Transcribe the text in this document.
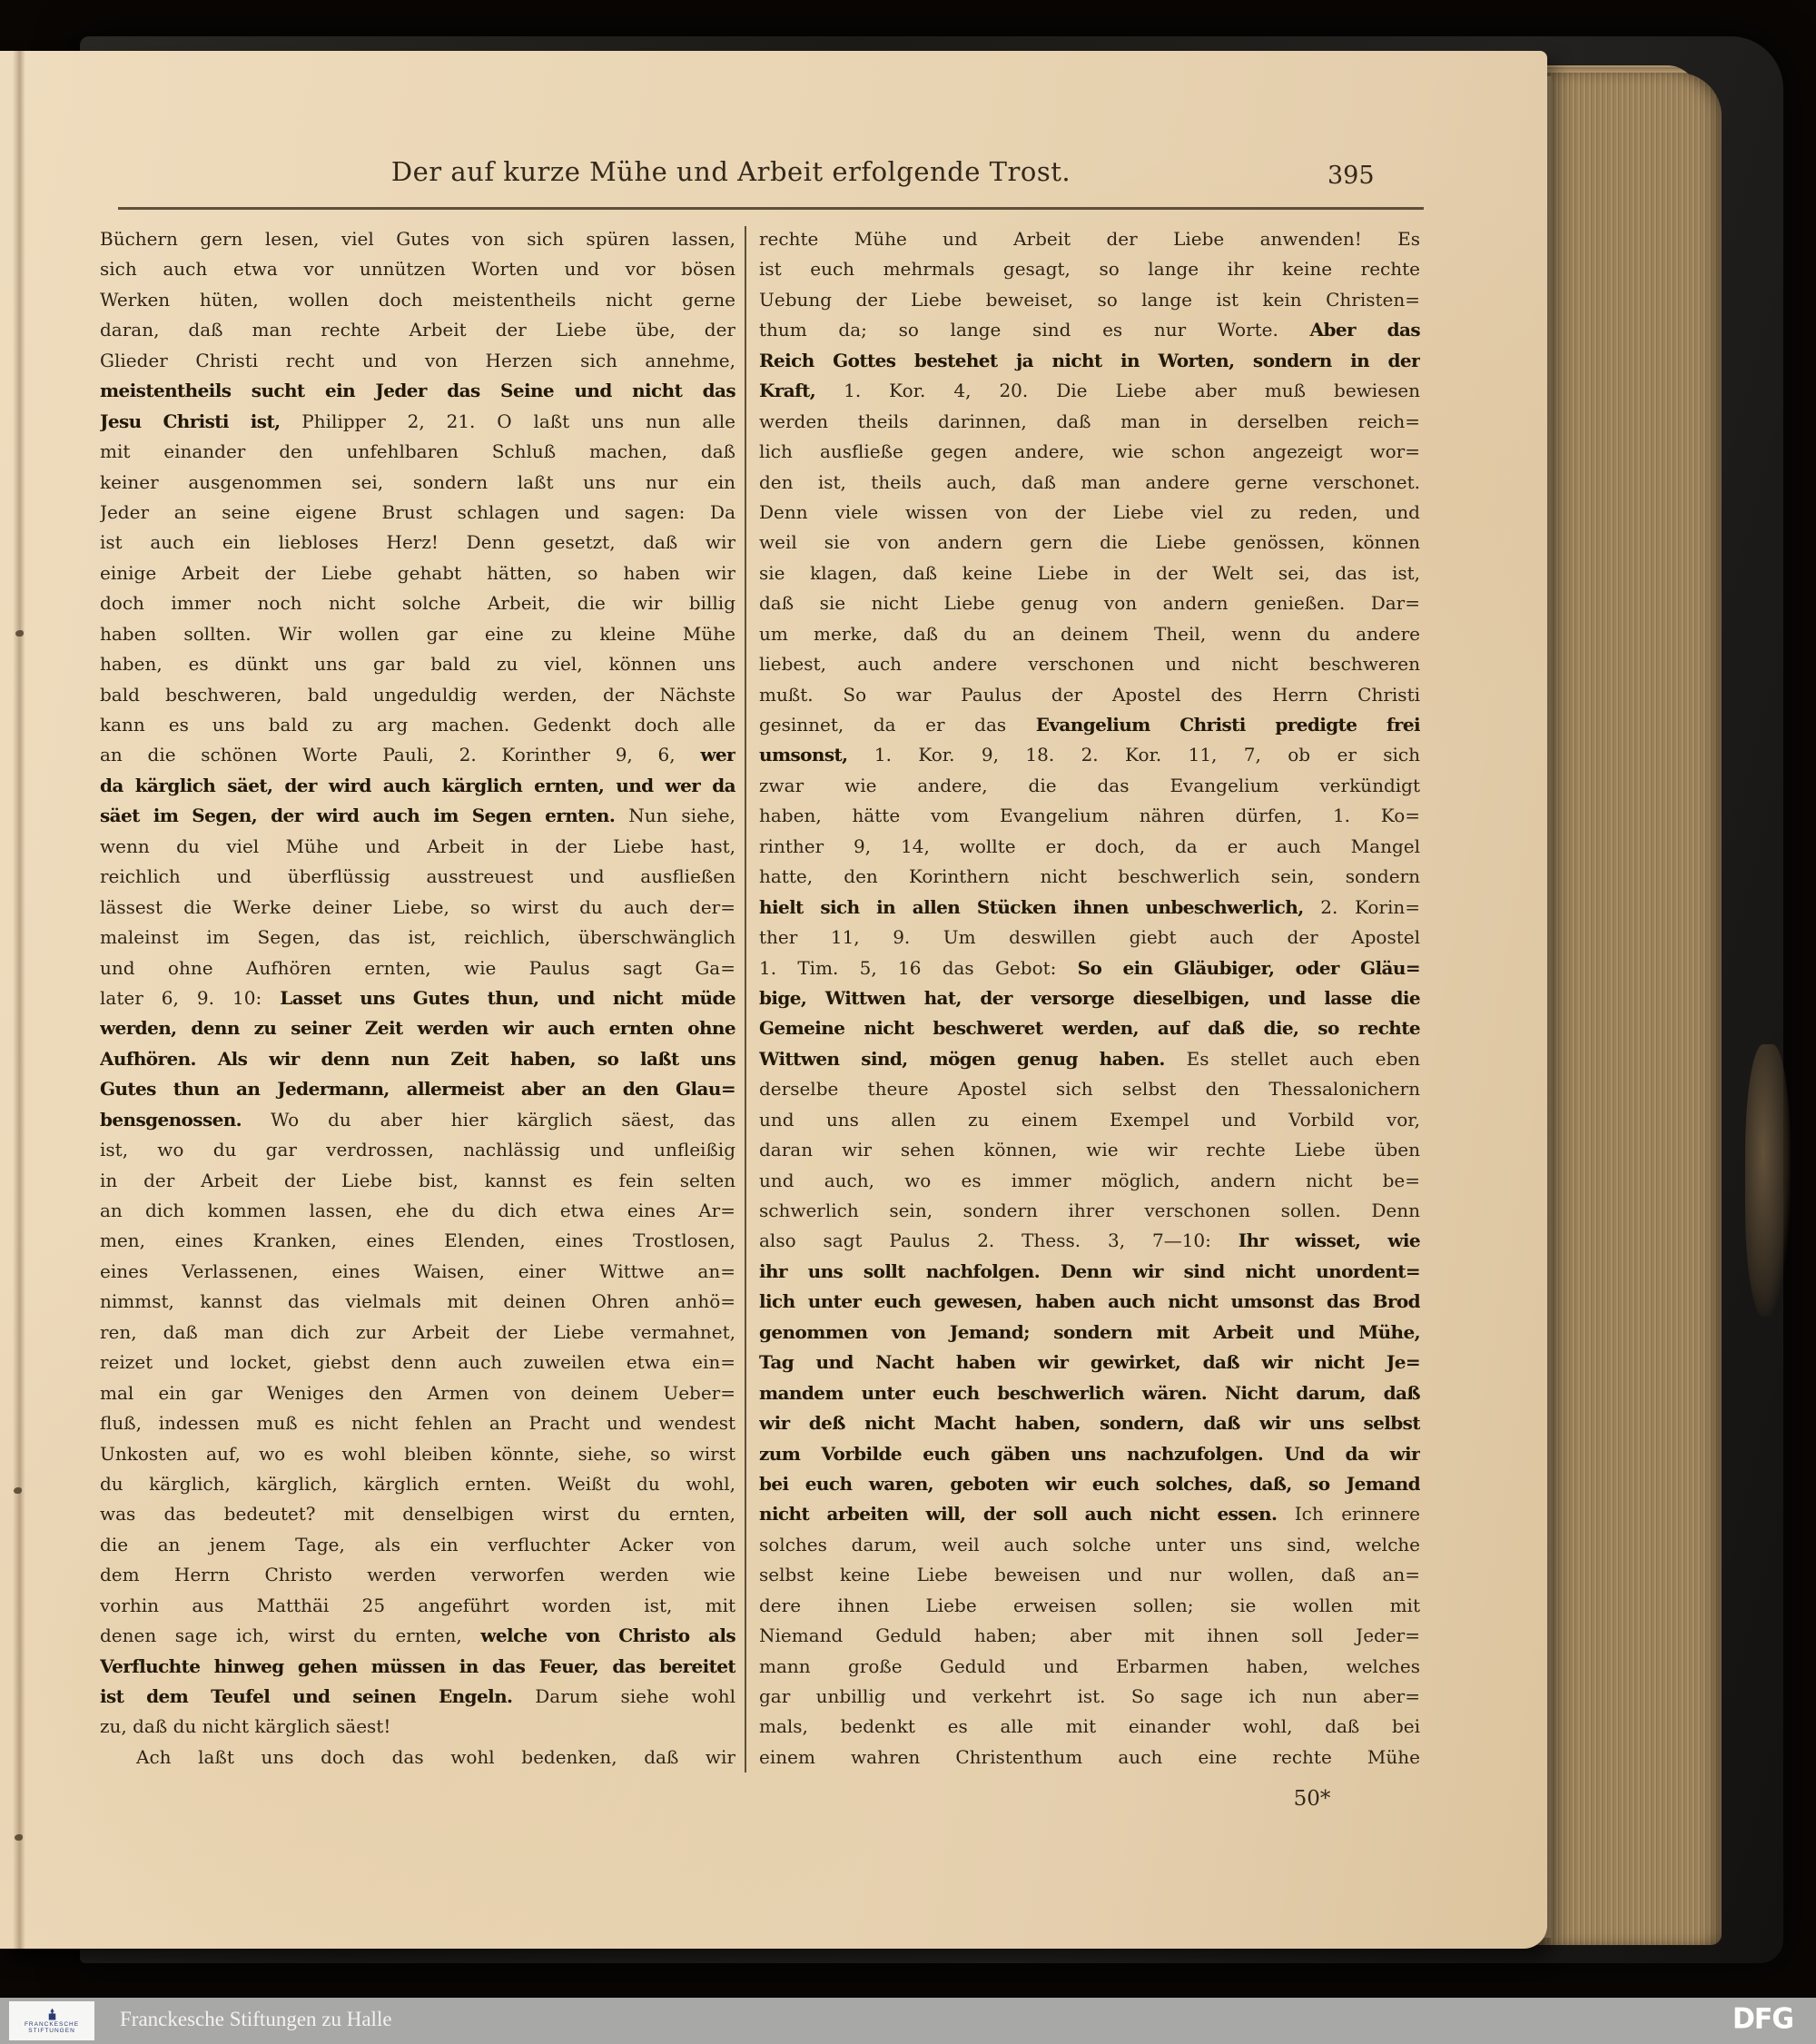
Der auf kurze Mühe und Arbeit erfolgende Trost.	395
Büchern gern lesen, viel Gutes von sich spüren lassen,
sich auch etwa vor unnützen Worten und vor bösen
Werken hüten, wollen doch meistentheils nicht gerne
daran, daß man rechte Arbeit der Liebe übe, der
Glieder Christi recht und von Herzen sich annehme,
meistentheils sucht ein Jeder das Seine und nicht das
Jesu Christi ist, Philipper 2, 21. O laßt uns nun alle
mit einander den unfehlbaren Schluß machen, daß
keiner ausgenommen sei, sondern laßt uns nur ein
Jeder an seine eigene Brust schlagen und sagen: Da
ist auch ein liebloses Herz! Denn gesetzt, daß wir
einige Arbeit der Liebe gehabt hätten, so haben wir
doch immer noch nicht solche Arbeit, die wir billig
haben sollten. Wir wollen gar eine zu kleine Mühe
haben, es dünkt uns gar bald zu viel, können uns
bald beschweren, bald ungeduldig werden, der Nächste
kann es uns bald zu arg machen. Gedenkt doch alle
an die schönen Worte Pauli, 2. Korinther 9, 6, wer
da kärglich säet, der wird auch kärglich ernten, und wer da
säet im Segen, der wird auch im Segen ernten. Nun siehe,
wenn du viel Mühe und Arbeit in der Liebe hast,
reichlich und überflüssig ausstreuest und ausfließen
lässest die Werke deiner Liebe, so wirst du auch der=
maleinst im Segen, das ist, reichlich, überschwänglich
und ohne Aufhören ernten, wie Paulus sagt Ga=
later 6, 9. 10: Lasset uns Gutes thun, und nicht müde
werden, denn zu seiner Zeit werden wir auch ernten ohne
Aufhören. Als wir denn nun Zeit haben, so laßt uns
Gutes thun an Jedermann, allermeist aber an den Glau=
bensgenossen. Wo du aber hier kärglich säest, das
ist, wo du gar verdrossen, nachlässig und unfleißig
in der Arbeit der Liebe bist, kannst es fein selten
an dich kommen lassen, ehe du dich etwa eines Ar=
men, eines Kranken, eines Elenden, eines Trostlosen,
eines Verlassenen, eines Waisen, einer Wittwe an=
nimmst, kannst das vielmals mit deinen Ohren anhö=
ren, daß man dich zur Arbeit der Liebe vermahnet,
reizet und locket, giebst denn auch zuweilen etwa ein=
mal ein gar Weniges den Armen von deinem Ueber=
fluß, indessen muß es nicht fehlen an Pracht und wendest
Unkosten auf, wo es wohl bleiben könnte, siehe, so wirst
du kärglich, kärglich, kärglich ernten. Weißt du wohl,
was das bedeutet? mit denselbigen wirst du ernten,
die an jenem Tage, als ein verfluchter Acker von
dem Herrn Christo werden verworfen werden wie
vorhin aus Matthäi 25 angeführt worden ist, mit
denen sage ich, wirst du ernten, welche von Christo als
Verfluchte hinweg gehen müssen in das Feuer, das bereitet
ist dem Teufel und seinen Engeln. Darum siehe wohl
zu, daß du nicht kärglich säest!
Ach laßt uns doch das wohl bedenken, daß wir
rechte Mühe und Arbeit der Liebe anwenden! Es
ist euch mehrmals gesagt, so lange ihr keine rechte
Uebung der Liebe beweiset, so lange ist kein Christen=
thum da; so lange sind es nur Worte. Aber das
Reich Gottes bestehet ja nicht in Worten, sondern in der
Kraft, 1. Kor. 4, 20. Die Liebe aber muß bewiesen
werden theils darinnen, daß man in derselben reich=
lich ausfließe gegen andere, wie schon angezeigt wor=
den ist, theils auch, daß man andere gerne verschonet.
Denn viele wissen von der Liebe viel zu reden, und
weil sie von andern gern die Liebe genössen, können
sie klagen, daß keine Liebe in der Welt sei, das ist,
daß sie nicht Liebe genug von andern genießen. Dar=
um merke, daß du an deinem Theil, wenn du andere
liebest, auch andere verschonen und nicht beschweren
mußt. So war Paulus der Apostel des Herrn Christi
gesinnet, da er das Evangelium Christi predigte frei
umsonst, 1. Kor. 9, 18. 2. Kor. 11, 7, ob er sich
zwar wie andere, die das Evangelium verkündigt
haben, hätte vom Evangelium nähren dürfen, 1. Ko=
rinther 9, 14, wollte er doch, da er auch Mangel
hatte, den Korinthern nicht beschwerlich sein, sondern
hielt sich in allen Stücken ihnen unbeschwerlich, 2. Korin=
ther 11, 9. Um deswillen giebt auch der Apostel
1. Tim. 5, 16 das Gebot: So ein Gläubiger, oder Gläu=
bige, Wittwen hat, der versorge dieselbigen, und lasse die
Gemeine nicht beschweret werden, auf daß die, so rechte
Wittwen sind, mögen genug haben. Es stellet auch eben
derselbe theure Apostel sich selbst den Thessalonichern
und uns allen zu einem Exempel und Vorbild vor,
daran wir sehen können, wie wir rechte Liebe üben
und auch, wo es immer möglich, andern nicht be=
schwerlich sein, sondern ihrer verschonen sollen. Denn
also sagt Paulus 2. Thess. 3, 7—10: Ihr wisset, wie
ihr uns sollt nachfolgen. Denn wir sind nicht unordent=
lich unter euch gewesen, haben auch nicht umsonst das Brod
genommen von Jemand; sondern mit Arbeit und Mühe,
Tag und Nacht haben wir gewirket, daß wir nicht Je=
mandem unter euch beschwerlich wären. Nicht darum, daß
wir deß nicht Macht haben, sondern, daß wir uns selbst
zum Vorbilde euch gäben uns nachzufolgen. Und da wir
bei euch waren, geboten wir euch solches, daß, so Jemand
nicht arbeiten will, der soll auch nicht essen. Ich erinnere
solches darum, weil auch solche unter uns sind, welche
selbst keine Liebe beweisen und nur wollen, daß an=
dere ihnen Liebe erweisen sollen; sie wollen mit
Niemand Geduld haben; aber mit ihnen soll Jeder=
mann große Geduld und Erbarmen haben, welches
gar unbillig und verkehrt ist. So sage ich nun aber=
mals, bedenkt es alle mit einander wohl, daß bei
einem wahren Christenthum auch eine rechte Mühe
50*
FRANCKESCHE
STIFTUNGEN
Franckesche Stiftungen zu Halle	DFG
